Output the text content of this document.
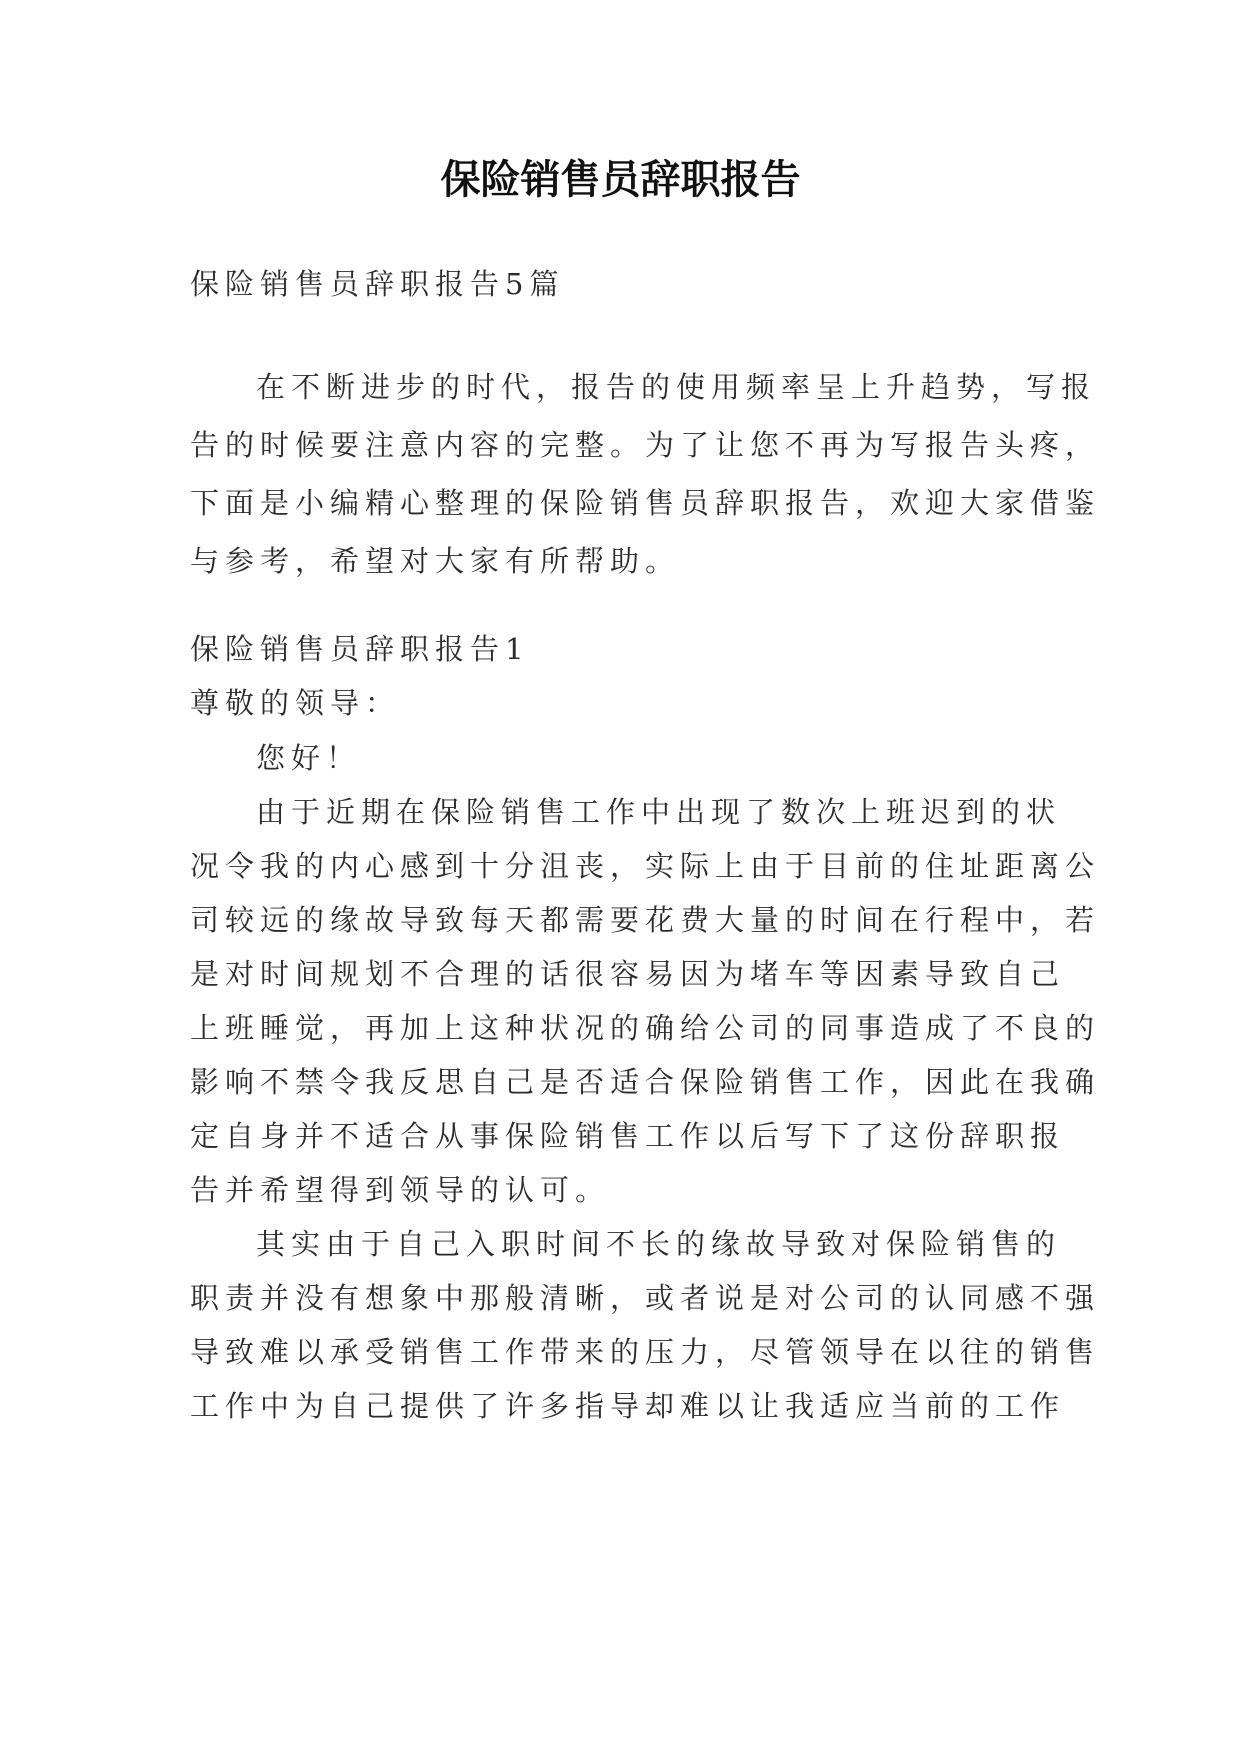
保险销售员辞职报告

保险销售员辞职报告5篇

在不断进步的时代，报告的使用频率呈上升趋势，写报

告的时候要注意内容的完整。为了让您不再为写报告头疼，

下面是小编精心整理的保险销售员辞职报告，欢迎大家借鉴

与参考，希望对大家有所帮助。

保险销售员辞职报告1

尊敬的领导：

您好！

由于近期在保险销售工作中出现了数次上班迟到的状

况令我的内心感到十分沮丧，实际上由于目前的住址距离公

司较远的缘故导致每天都需要花费大量的时间在行程中，若

是对时间规划不合理的话很容易因为堵车等因素导致自己

上班睡觉，再加上这种状况的确给公司的同事造成了不良的

影响不禁令我反思自己是否适合保险销售工作，因此在我确

定自身并不适合从事保险销售工作以后写下了这份辞职报

告并希望得到领导的认可。

其实由于自己入职时间不长的缘故导致对保险销售的

职责并没有想象中那般清晰，或者说是对公司的认同感不强

导致难以承受销售工作带来的压力，尽管领导在以往的销售

工作中为自己提供了许多指导却难以让我适应当前的工作
